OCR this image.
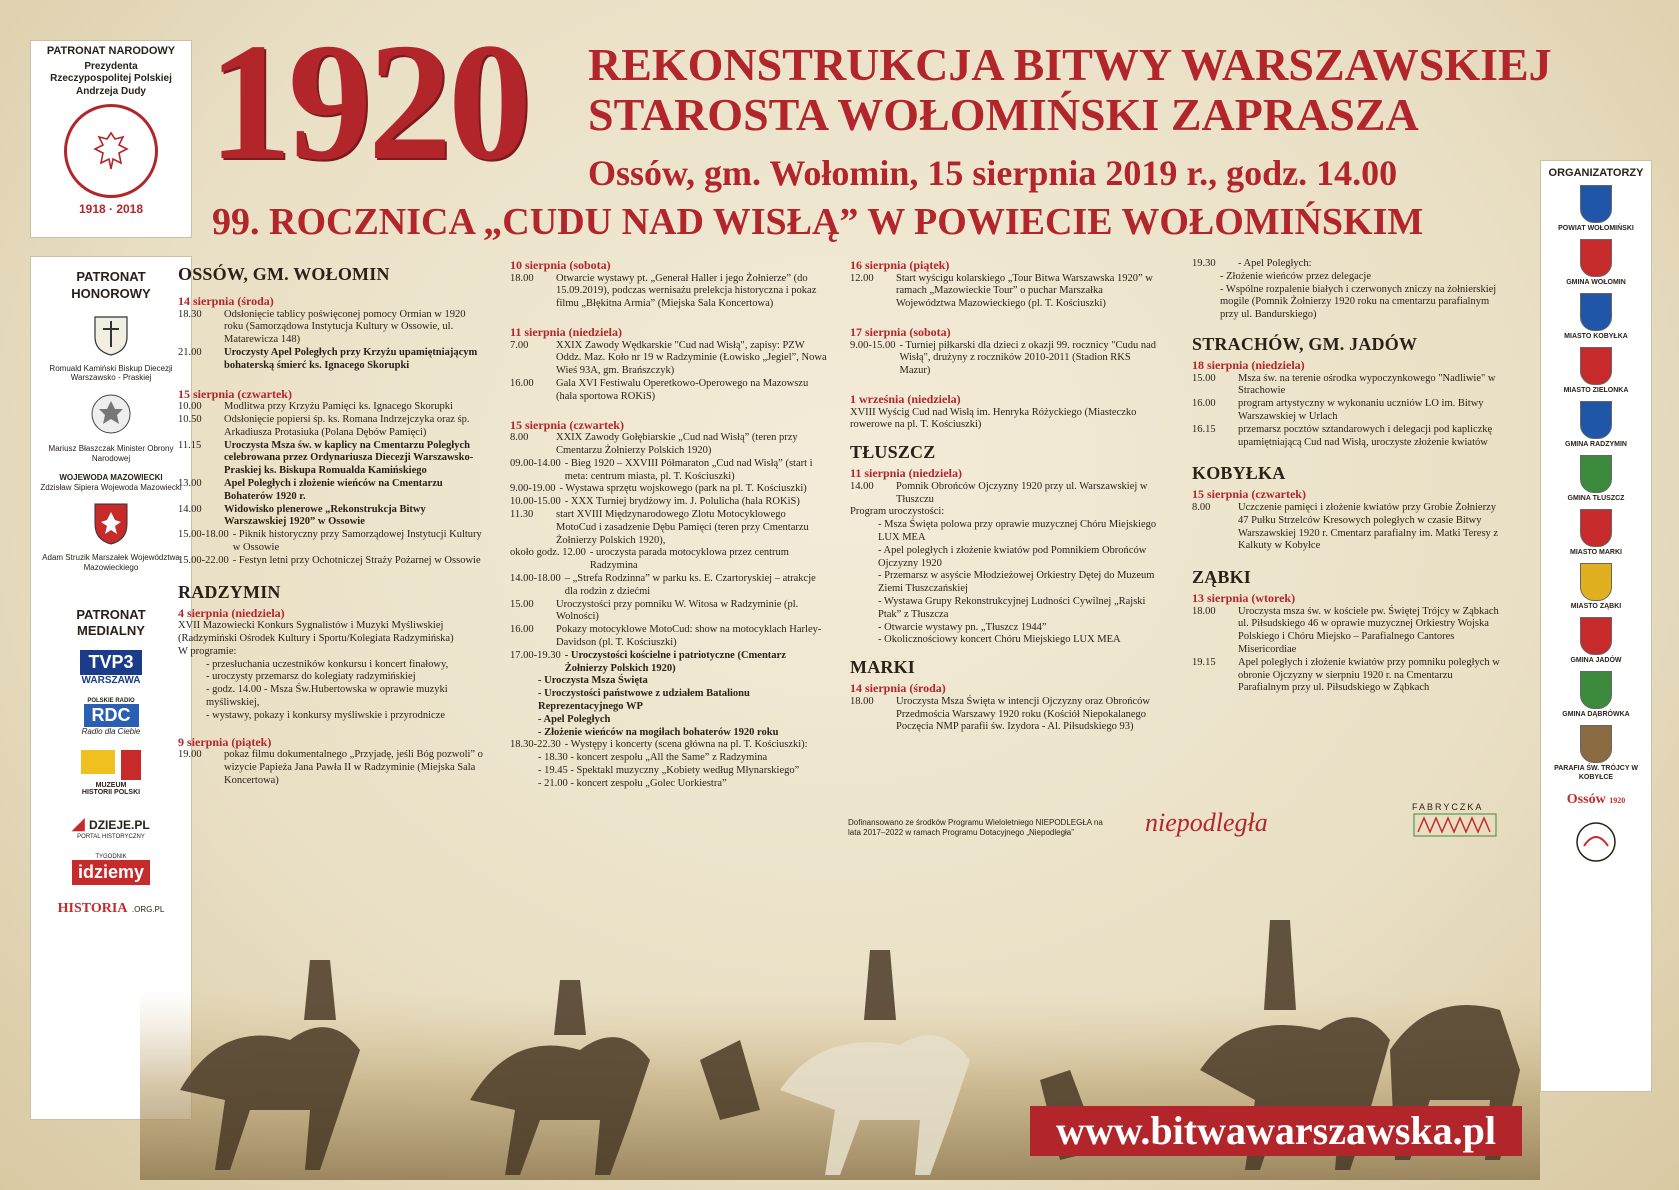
1920 REKONSTRUKCJA BITWY WARSZAWSKIEJ
STAROSTA WOŁOMIŃSKI ZAPRASZA
Ossów, gm. Wołomin, 15 sierpnia 2019 r., godz. 14.00
99. ROCZNICA „CUDU NAD WISŁĄ” W POWIECIE WOŁOMIŃSKIM
PATRONAT NARODOWY
Prezydenta
Rzeczypospolitej Polskiej
Andrzeja Dudy
1918 · 2018
PATRONAT
HONOROWY
Romuald Kamiński Biskup Diecezji Warszawsko - Praskiej
Mariusz Błaszczak Minister Obrony Narodowej
WOJEWODA MAZOWIECKI
Zdzisław Sipiera Wojewoda Mazowiecki
Adam Struzik Marszałek Województwa Mazowieckiego
PATRONAT
MEDIALNY
TVP3
WARSZAWA
POLSKIE RADIO
RDC
Radio dla Ciebie
MUZEUM HISTORII POLSKI
◢ DZIEJE.PL
PORTAL HISTORYCZNY
TYGODNIK
idziemy
HISTORIA .ORG.PL
ORGANIZATORZY
POWIAT WOŁOMIŃSKI
GMINA WOŁOMIN
MIASTO KOBYŁKA
MIASTO ZIELONKA
GMINA RADZYMIN
GMINA TŁUSZCZ
MIASTO MARKI
MIASTO ZĄBKI
GMINA JADÓW
GMINA DĄBRÓWKA
PARAFIA ŚW. TRÓJCY W KOBYŁCE
Ossów 1920
OSSÓW, GM. WOŁOMIN
14 sierpnia (środa)
18.30	Odsłonięcie tablicy poświęconej pomocy Ormian w 1920 roku (Samorządowa Instytucja Kultury w Ossowie, ul. Matarewicza 148)
21.00	Uroczysty Apel Poległych przy Krzyżu upamiętniającym bohaterską śmierć ks. Ignacego Skorupki
15 sierpnia (czwartek)
10.00	Modlitwa przy Krzyżu Pamięci ks. Ignacego Skorupki
10.50	Odsłonięcie popiersi śp. ks. Romana Indrzejczyka oraz śp. Arkadiusza Protasiuka (Polana Dębów Pamięci)
11.15	Uroczysta Msza św. w kaplicy na Cmentarzu Poległych celebrowana przez Ordynariusza Diecezji Warszawsko-Praskiej ks. Biskupa Romualda Kamińskiego
13.00	Apel Poległych i złożenie wieńców na Cmentarzu Bohaterów 1920 r.
14.00	Widowisko plenerowe „Rekonstrukcja Bitwy Warszawskiej 1920” w Ossowie
15.00-18.00 - Piknik historyczny przy Samorządowej Instytucji Kultury w Ossowie
15.00-22.00 - Festyn letni przy Ochotniczej Straży Pożarnej w Ossowie
RADZYMIN
4 sierpnia (niedziela)
XVII Mazowiecki Konkurs Sygnalistów i Muzyki Myśliwskiej (Radzymiński Ośrodek Kultury i Sportu/Kolegiata Radzymińska)
W programie:
- przesłuchania uczestników konkursu i koncert finałowy,
- uroczysty przemarsz do kolegiaty radzymińskiej
- godz. 14.00 - Msza Św.Hubertowska w oprawie muzyki myśliwskiej,
- wystawy, pokazy i konkursy myśliwskie i przyrodnicze
9 sierpnia (piątek)
19.00	pokaz filmu dokumentalnego „Przyjadę, jeśli Bóg pozwoli” o wizycie Papieża Jana Pawła II w Radzyminie (Miejska Sala Koncertowa)
10 sierpnia (sobota)
18.00	Otwarcie wystawy pt. „Generał Haller i jego Żołnierze” (do 15.09.2019), podczas wernisażu prelekcja historyczna i pokaz filmu „Błękitna Armia” (Miejska Sala Koncertowa)
11 sierpnia (niedziela)
7.00	XXIX Zawody Wędkarskie "Cud nad Wisłą", zapisy: PZW Oddz. Maz. Koło nr 19 w Radzyminie (Łowisko „Jegiel”, Nowa Wieś 93A, gm. Brańszczyk)
16.00	Gala XVI Festiwalu Operetkowo-Operowego na Mazowszu (hala sportowa ROKiS)
15 sierpnia (czwartek)
8.00	XXIX Zawody Gołębiarskie „Cud nad Wisłą” (teren przy Cmentarzu Żołnierzy Polskich 1920)
09.00-14.00 - Bieg 1920 – XXVIII Półmaraton „Cud nad Wisłą” (start i meta: centrum miasta, pl. T. Kościuszki)
9.00-19.00 - Wystawa sprzętu wojskowego (park na pl. T. Kościuszki)
10.00-15.00 - XXX Turniej brydżowy im. J. Polulicha (hala ROKiS)
11.30	start XVIII Międzynarodowego Zlotu Motocyklowego MotoCud i zasadzenie Dębu Pamięci (teren przy Cmentarzu Żołnierzy Polskich 1920),
około godz. 12.00 - uroczysta parada motocyklowa przez centrum Radzymina
14.00-18.00 – „Strefa Rodzinna” w parku ks. E. Czartoryskiej – atrakcje dla rodzin z dziećmi
15.00	Uroczystości przy pomniku W. Witosa w Radzyminie (pl. Wolności)
16.00	Pokazy motocyklowe MotoCud: show na motocyklach Harley-Davidson (pl. T. Kościuszki)
17.00-19.30 - Uroczystości kościelne i patriotyczne (Cmentarz Żołnierzy Polskich 1920)
- Uroczysta Msza Święta
- Uroczystości państwowe z udziałem Batalionu Reprezentacyjnego WP
- Apel Poległych
- Złożenie wieńców na mogiłach bohaterów 1920 roku
18.30-22.30 - Występy i koncerty (scena główna na pl. T. Kościuszki):
- 18.30 - koncert zespołu „All the Same” z Radzymina
- 19.45 - Spektakl muzyczny „Kobiety według Młynarskiego”
- 21.00 - koncert zespołu „Golec Uorkiestra”
16 sierpnia (piątek)
12.00	Start wyścigu kolarskiego „Tour Bitwa Warszawska 1920” w ramach „Mazowieckie Tour” o puchar Marszałka Województwa Mazowieckiego (pl. T. Kościuszki)
17 sierpnia (sobota)
9.00-15.00 - Turniej piłkarski dla dzieci z okazji 99. rocznicy "Cudu nad Wisłą", drużyny z roczników 2010-2011 (Stadion RKS Mazur)
1 września (niedziela)
XVIII Wyścig Cud nad Wisłą im. Henryka Różyckiego (Miasteczko rowerowe na pl. T. Kościuszki)
TŁUSZCZ
11 sierpnia (niedziela)
14.00	Pomnik Obrońców Ojczyzny 1920 przy ul. Warszawskiej w Tłuszczu
Program uroczystości:
- Msza Święta polowa przy oprawie muzycznej Chóru Miejskiego LUX MEA
- Apel poległych i złożenie kwiatów pod Pomnikiem Obrońców Ojczyzny 1920
- Przemarsz w asyście Młodzieżowej Orkiestry Dętej do Muzeum Ziemi Tłuszczańskiej
- Wystawa Grupy Rekonstrukcyjnej Ludności Cywilnej „Rajski Ptak” z Tłuszcza
- Otwarcie wystawy pn. „Tłuszcz 1944”
- Okolicznościowy koncert Chóru Miejskiego LUX MEA
MARKI
14 sierpnia (środa)
18.00	Uroczysta Msza Święta w intencji Ojczyzny oraz Obrońców Przedmościa Warszawy 1920 roku (Kościół Niepokalanego Poczęcia NMP parafii św. Izydora - Al. Piłsudskiego 93)
Dofinansowano ze środków Programu Wieloletniego NIEPODLEGŁA na lata 2017–2022 w ramach Programu Dotacyjnego „Niepodległa”	niepodległa
FABRYCZKA
19.30	- Apel Poległych:
- Złożenie wieńców przez delegacje
- Wspólne rozpalenie białych i czerwonych zniczy na żołnierskiej mogile (Pomnik Żołnierzy 1920 roku na cmentarzu parafialnym przy ul. Bandurskiego)
STRACHÓW, GM. JADÓW
18 sierpnia (niedziela)
15.00	Msza św. na terenie ośrodka wypoczynkowego "Nadliwie" w Strachowie
16.00	program artystyczny w wykonaniu uczniów LO im. Bitwy Warszawskiej w Urlach
16.15	przemarsz pocztów sztandarowych i delegacji pod kapliczkę upamiętniającą Cud nad Wisłą, uroczyste złożenie kwiatów
KOBYŁKA
15 sierpnia (czwartek)
8.00	Uczczenie pamięci i złożenie kwiatów przy Grobie Żołnierzy 47 Pułku Strzelców Kresowych poległych w czasie Bitwy Warszawskiej 1920 r. Cmentarz parafialny im. Matki Teresy z Kalkuty w Kobyłce
ZĄBKI
13 sierpnia (wtorek)
18.00	Uroczysta msza św. w kościele pw. Świętej Trójcy w Ząbkach ul. Piłsudskiego 46 w oprawie muzycznej Orkiestry Wojska Polskiego i Chóru Miejsko – Parafialnego Cantores Misericordiae
19.15	Apel poległych i złożenie kwiatów przy pomniku poległych w obronie Ojczyzny w sierpniu 1920 r. na Cmentarzu Parafialnym przy ul. Piłsudskiego w Ząbkach
www.bitwawarszawska.pl
